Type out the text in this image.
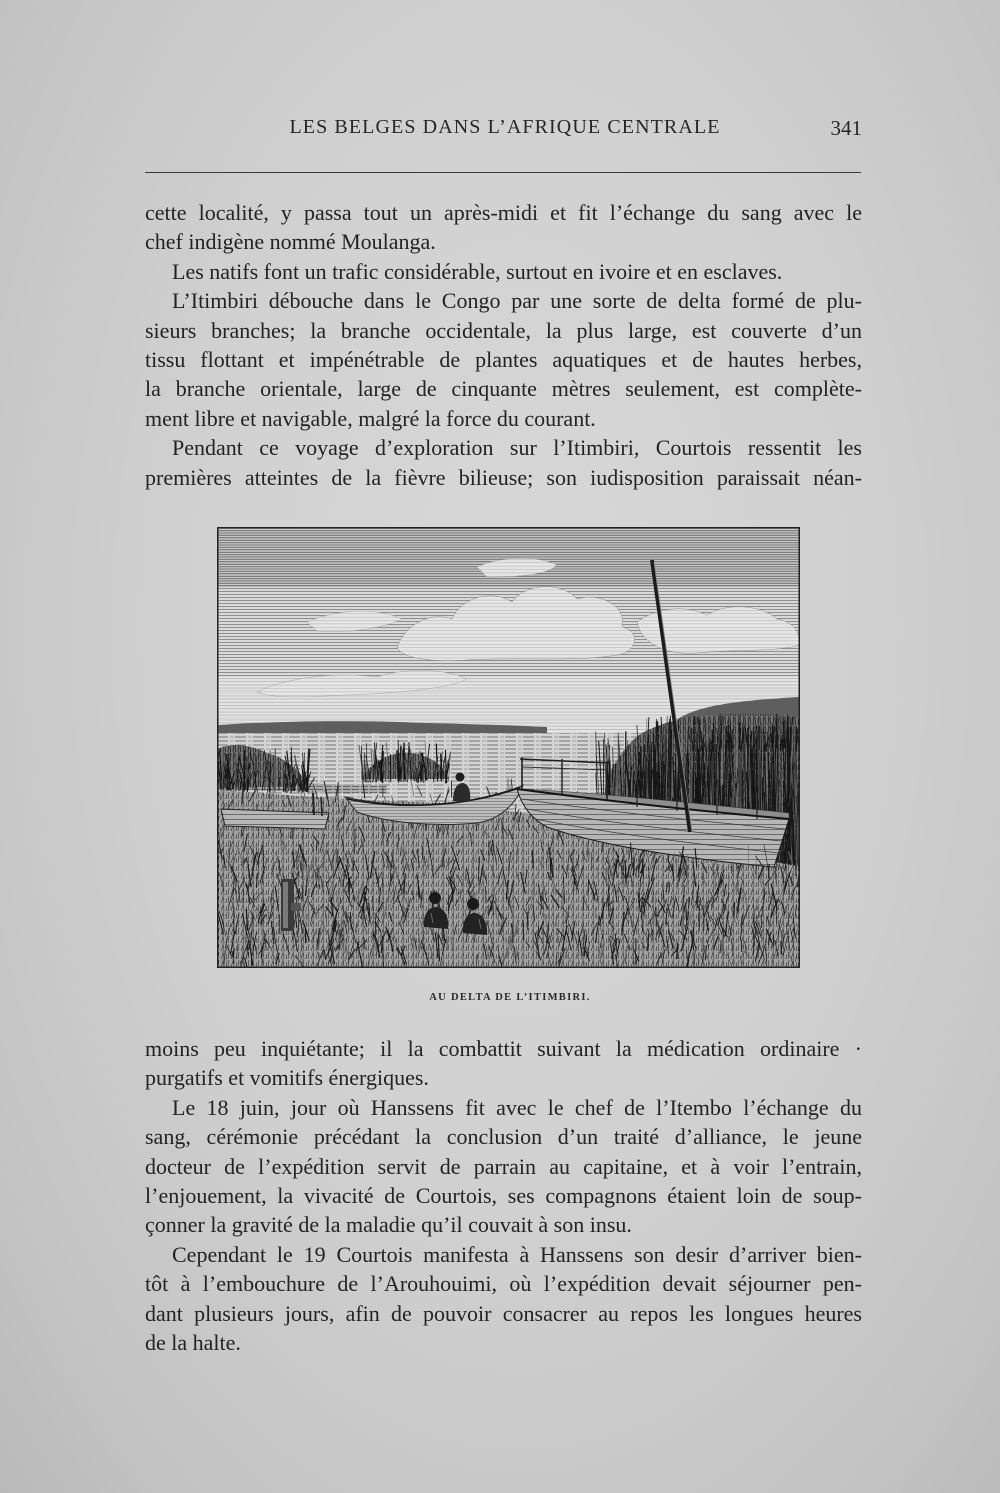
LES BELGES DANS L’AFRIQUE CENTRALE	341
cette localité, y passa tout un après-midi et fit l’échange du sang avec le
chef indigène nommé Moulanga.
Les natifs font un trafic considérable, surtout en ivoire et en esclaves.
L’Itimbiri débouche dans le Congo par une sorte de delta formé de plu-
sieurs branches; la branche occidentale, la plus large, est couverte d’un
tissu flottant et impénétrable de plantes aquatiques et de hautes herbes,
la branche orientale, large de cinquante mètres seulement, est complète-
ment libre et navigable, malgré la force du courant.
Pendant ce voyage d’exploration sur l’Itimbiri, Courtois ressentit les
premières atteintes de la fièvre bilieuse; son iudisposition paraissait néan-
AU DELTA DE L’ITIMBIRI.
moins peu inquiétante; il la combattit suivant la médication ordinaire ·
purgatifs et vomitifs énergiques.
Le 18 juin, jour où Hanssens fit avec le chef de l’Itembo l’échange du
sang, cérémonie précédant la conclusion d’un traité d’alliance, le jeune
docteur de l’expédition servit de parrain au capitaine, et à voir l’entrain,
l’enjouement, la vivacité de Courtois, ses compagnons étaient loin de soup-
çonner la gravité de la maladie qu’il couvait à son insu.
Cependant le 19 Courtois manifesta à Hanssens son desir d’arriver bien-
tôt à l’embouchure de l’Arouhouimi, où l’expédition devait séjourner pen-
dant plusieurs jours, afin de pouvoir consacrer au repos les longues heures
de la halte.
